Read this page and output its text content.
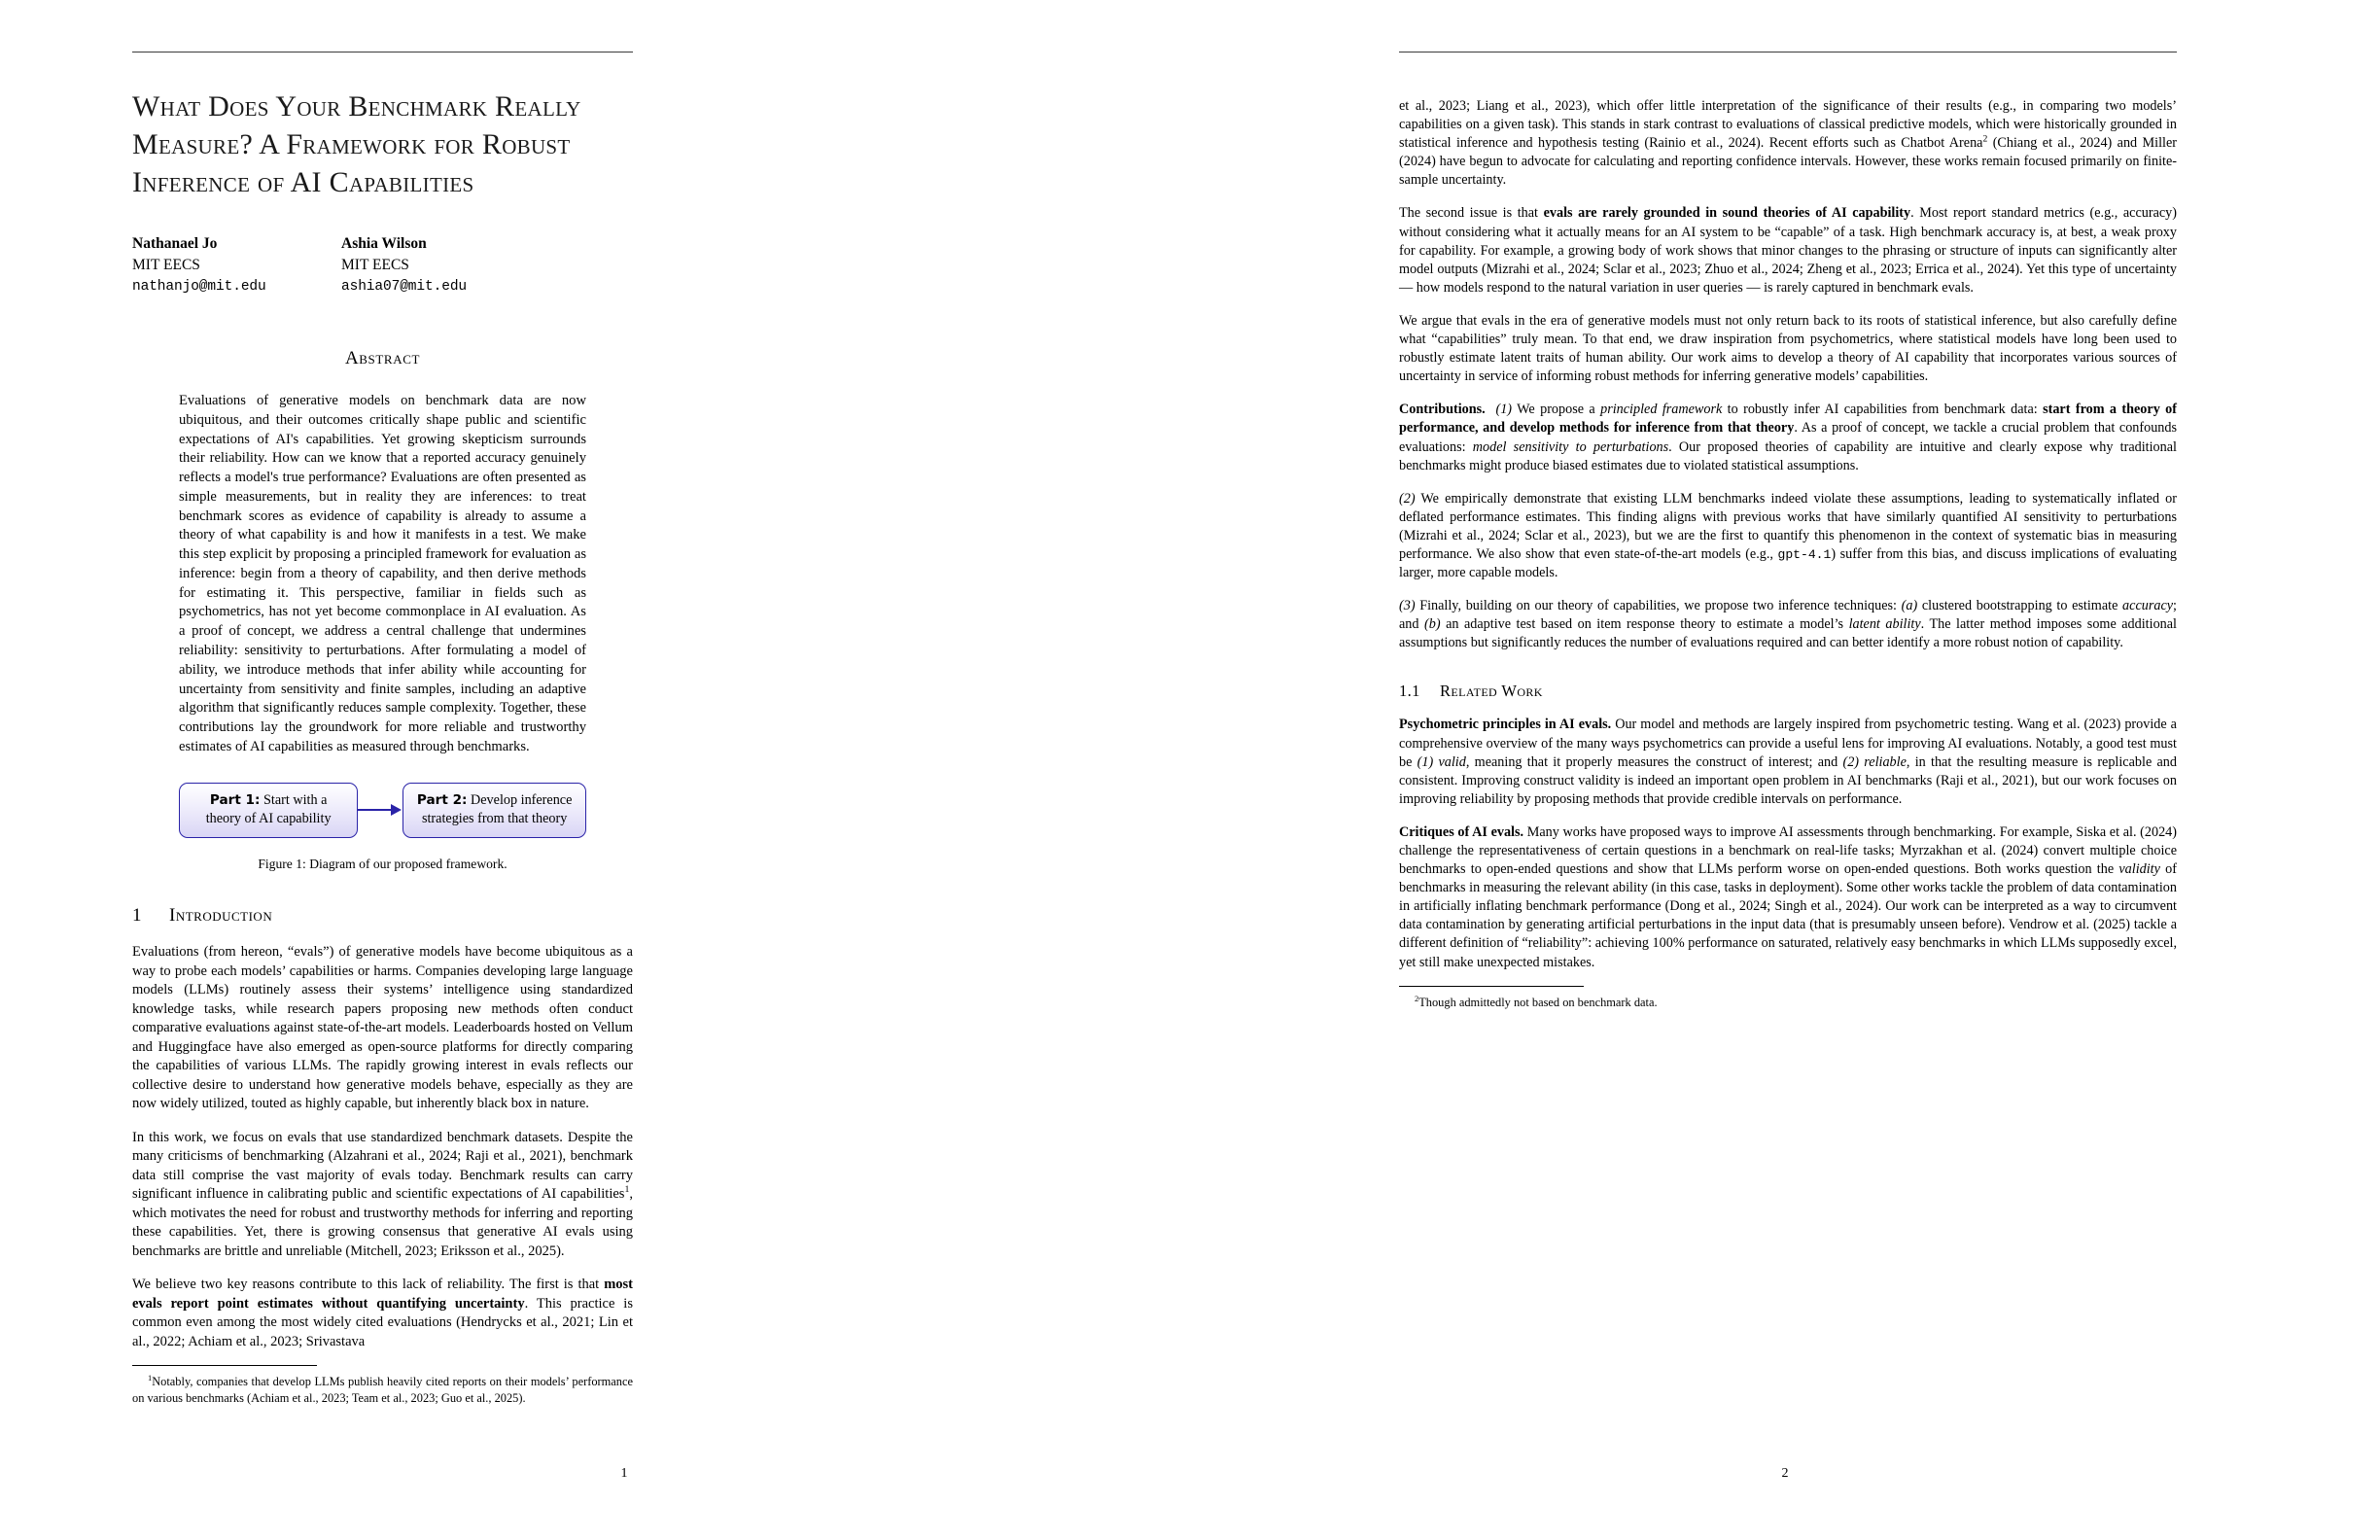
What Does Your Benchmark Really Measure? A Framework for Robust Inference of AI Capabilities
Nathanael Jo
MIT EECS
nathanjo@mit.edu
Ashia Wilson
MIT EECS
ashia07@mit.edu
Abstract
Evaluations of generative models on benchmark data are now ubiquitous, and their outcomes critically shape public and scientific expectations of AI's capabilities. Yet growing skepticism surrounds their reliability. How can we know that a reported accuracy genuinely reflects a model's true performance? Evaluations are often presented as simple measurements, but in reality they are inferences: to treat benchmark scores as evidence of capability is already to assume a theory of what capability is and how it manifests in a test. We make this step explicit by proposing a principled framework for evaluation as inference: begin from a theory of capability, and then derive methods for estimating it. This perspective, familiar in fields such as psychometrics, has not yet become commonplace in AI evaluation. As a proof of concept, we address a central challenge that undermines reliability: sensitivity to perturbations. After formulating a model of ability, we introduce methods that infer ability while accounting for uncertainty from sensitivity and finite samples, including an adaptive algorithm that significantly reduces sample complexity. Together, these contributions lay the groundwork for more reliable and trustworthy estimates of AI capabilities as measured through benchmarks.
Part 1: Start with a theory of AI capability
Part 2: Develop inference strategies from that theory
Figure 1: Diagram of our proposed framework.
1 Introduction

Evaluations (from hereon, “evals”) of generative models have become ubiquitous as a way to probe each models’ capabilities or harms. Companies developing large language models (LLMs) routinely assess their systems’ intelligence using standardized knowledge tasks, while research papers proposing new methods often conduct comparative evaluations against state-of-the-art models. Leaderboards hosted on Vellum and Huggingface have also emerged as open-source platforms for directly comparing the capabilities of various LLMs. The rapidly growing interest in evals reflects our collective desire to understand how generative models behave, especially as they are now widely utilized, touted as highly capable, but inherently black box in nature.

In this work, we focus on evals that use standardized benchmark datasets. Despite the many criticisms of benchmarking (Alzahrani et al., 2024; Raji et al., 2021), benchmark data still comprise the vast majority of evals today. Benchmark results can carry significant influence in calibrating public and scientific expectations of AI capabilities$^1$, which motivates the need for robust and trustworthy methods for inferring and reporting these capabilities. Yet, there is growing consensus that generative AI evals using benchmarks are brittle and unreliable (Mitchell, 2023; Eriksson et al., 2025).

We believe two key reasons contribute to this lack of reliability. The first is that most evals report point estimates without quantifying uncertainty. This practice is common even among the most widely cited evaluations (Hendrycks et al., 2021; Lin et al., 2022; Achiam et al., 2023; Srivastava

$^1$Notably, companies that develop LLMs publish heavily cited reports on their models’ performance on various benchmarks (Achiam et al., 2023; Team et al., 2023; Guo et al., 2025).
1

et al., 2023; Liang et al., 2023), which offer little interpretation of the significance of their results (e.g., in comparing two models’ capabilities on a given task). This stands in stark contrast to evaluations of classical predictive models, which were historically grounded in statistical inference and hypothesis testing (Rainio et al., 2024). Recent efforts such as Chatbot Arena$^2$ (Chiang et al., 2024) and Miller (2024) have begun to advocate for calculating and reporting confidence intervals. However, these works remain focused primarily on finite-sample uncertainty.

The second issue is that evals are rarely grounded in sound theories of AI capability. Most report standard metrics (e.g., accuracy) without considering what it actually means for an AI system to be “capable” of a task. High benchmark accuracy is, at best, a weak proxy for capability. For example, a growing body of work shows that minor changes to the phrasing or structure of inputs can significantly alter model outputs (Mizrahi et al., 2024; Sclar et al., 2023; Zhuo et al., 2024; Zheng et al., 2023; Errica et al., 2024). Yet this type of uncertainty — how models respond to the natural variation in user queries — is rarely captured in benchmark evals.

We argue that evals in the era of generative models must not only return back to its roots of statistical inference, but also carefully define what “capabilities” truly mean. To that end, we draw inspiration from psychometrics, where statistical models have long been used to robustly estimate latent traits of human ability. Our work aims to develop a theory of AI capability that incorporates various sources of uncertainty in service of informing robust methods for inferring generative models’ capabilities.

Contributions. (1) We propose a principled framework to robustly infer AI capabilities from benchmark data: start from a theory of performance, and develop methods for inference from that theory. As a proof of concept, we tackle a crucial problem that confounds evaluations: model sensitivity to perturbations. Our proposed theories of capability are intuitive and clearly expose why traditional benchmarks might produce biased estimates due to violated statistical assumptions.

(2) We empirically demonstrate that existing LLM benchmarks indeed violate these assumptions, leading to systematically inflated or deflated performance estimates. This finding aligns with previous works that have similarly quantified AI sensitivity to perturbations (Mizrahi et al., 2024; Sclar et al., 2023), but we are the first to quantify this phenomenon in the context of systematic bias in measuring performance. We also show that even state-of-the-art models (e.g., gpt-4.1) suffer from this bias, and discuss implications of evaluating larger, more capable models.

(3) Finally, building on our theory of capabilities, we propose two inference techniques: (a) clustered bootstrapping to estimate accuracy; and (b) an adaptive test based on item response theory to estimate a model’s latent ability. The latter method imposes some additional assumptions but significantly reduces the number of evaluations required and can better identify a more robust notion of capability.

1.1 Related Work

Psychometric principles in AI evals. Our model and methods are largely inspired from psychometric testing. Wang et al. (2023) provide a comprehensive overview of the many ways psychometrics can provide a useful lens for improving AI evaluations. Notably, a good test must be (1) valid, meaning that it properly measures the construct of interest; and (2) reliable, in that the resulting measure is replicable and consistent. Improving construct validity is indeed an important open problem in AI benchmarks (Raji et al., 2021), but our work focuses on improving reliability by proposing methods that provide credible intervals on performance.

Critiques of AI evals. Many works have proposed ways to improve AI assessments through benchmarking. For example, Siska et al. (2024) challenge the representativeness of certain questions in a benchmark on real-life tasks; Myrzakhan et al. (2024) convert multiple choice benchmarks to open-ended questions and show that LLMs perform worse on open-ended questions. Both works question the validity of benchmarks in measuring the relevant ability (in this case, tasks in deployment). Some other works tackle the problem of data contamination in artificially inflating benchmark performance (Dong et al., 2024; Singh et al., 2024). Our work can be interpreted as a way to circumvent data contamination by generating artificial perturbations in the input data (that is presumably unseen before). Vendrow et al. (2025) tackle a different definition of “reliability”: achieving 100% performance on saturated, relatively easy benchmarks in which LLMs supposedly excel, yet still make unexpected mistakes.

$^2$Though admittedly not based on benchmark data.
2
